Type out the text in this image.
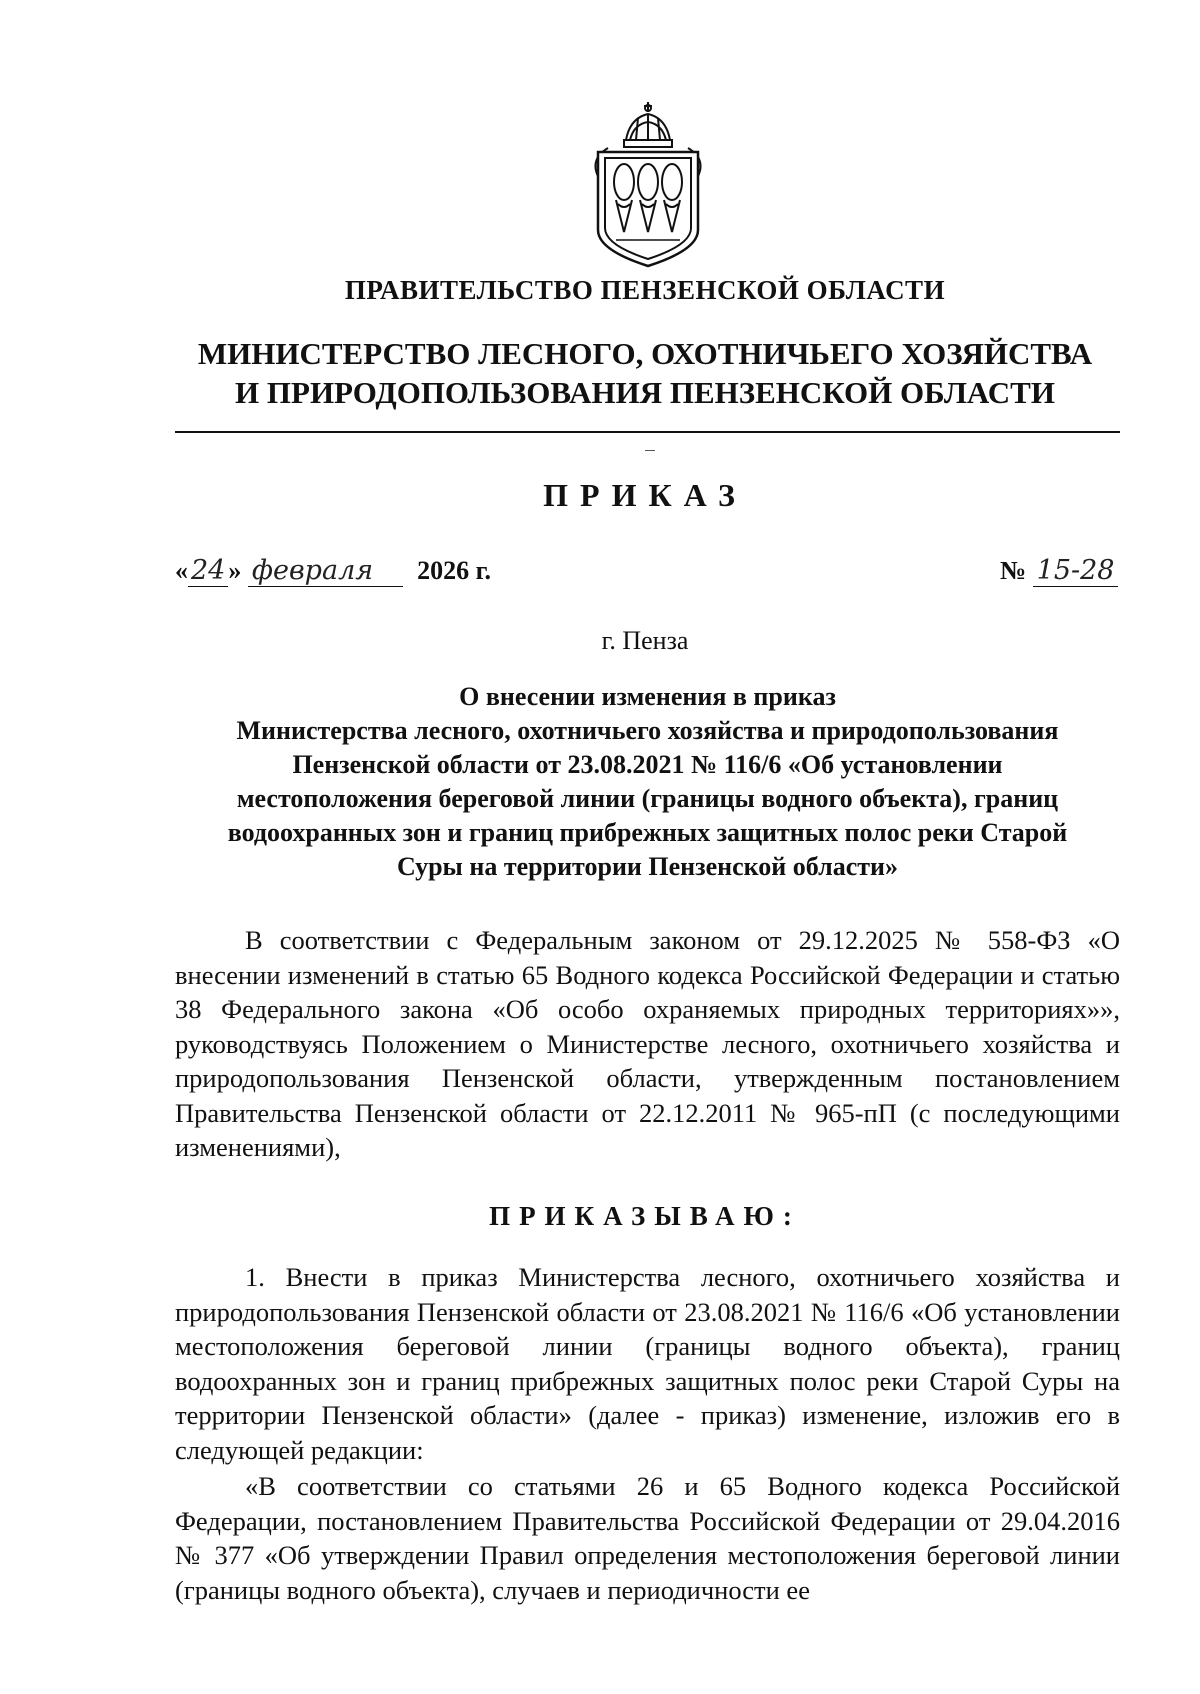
ПРАВИТЕЛЬСТВО ПЕНЗЕНСКОЙ ОБЛАСТИ
МИНИСТЕРСТВО ЛЕСНОГО, ОХОТНИЧЬЕГО ХОЗЯЙСТВА
И ПРИРОДОПОЛЬЗОВАНИЯ ПЕНЗЕНСКОЙ ОБЛАСТИ
ПРИКАЗ
« 24 » февраля 2026 г.	№ 15-28
г. Пенза
О внесении изменения в приказ
Министерства лесного, охотничьего хозяйства и природопользования
Пензенской области от 23.08.2021 № 116/6 «Об установлении
местоположения береговой линии (границы водного объекта), границ
водоохранных зон и границ прибрежных защитных полос реки Старой
Суры на территории Пензенской области»

В соответствии с Федеральным законом от 29.12.2025 № 558-ФЗ «О внесении изменений в статью 65 Водного кодекса Российской Федерации и статью 38 Федерального закона «Об особо охраняемых природных территориях»», руководствуясь Положением о Министерстве лесного, охотничьего хозяйства и природопользования Пензенской области, утвержденным постановлением Правительства Пензенской области от 22.12.2011 № 965-пП (с последующими изменениями),

ПРИКАЗЫВАЮ:

1. Внести в приказ Министерства лесного, охотничьего хозяйства и природопользования Пензенской области от 23.08.2021 № 116/6 «Об установлении местоположения береговой линии (границы водного объекта), границ водоохранных зон и границ прибрежных защитных полос реки Старой Суры на территории Пензенской области» (далее - приказ) изменение, изложив его в следующей редакции:

«В соответствии со статьями 26 и 65 Водного кодекса Российской Федерации, постановлением Правительства Российской Федерации от 29.04.2016 № 377 «Об утверждении Правил определения местоположения береговой линии (границы водного объекта), случаев и периодичности ее
